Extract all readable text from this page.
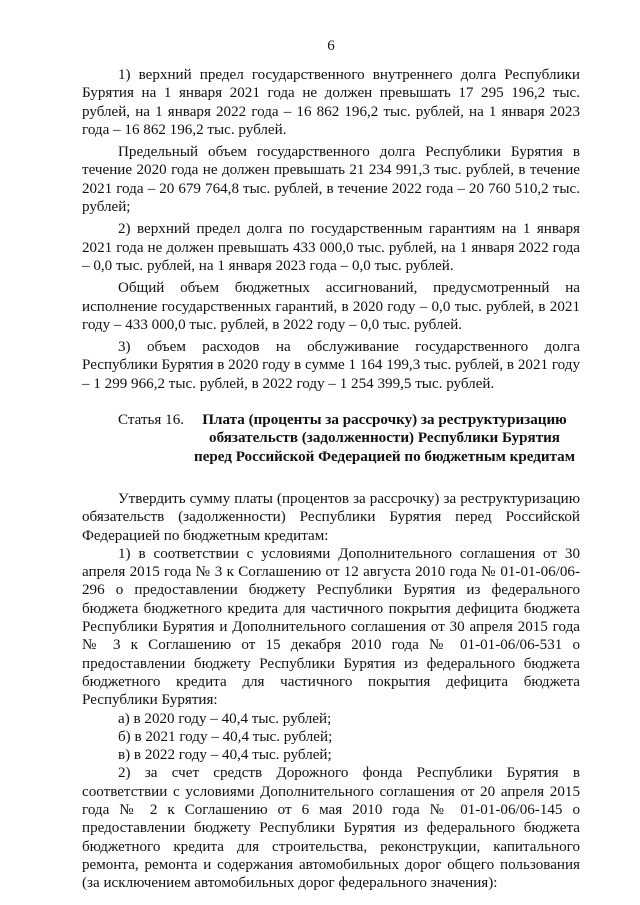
6

1) верхний предел государственного внутреннего долга Республики Бурятия на 1 января 2021 года не должен превышать 17 295 196,2 тыс. рублей, на 1 января 2022 года – 16 862 196,2 тыс. рублей, на 1 января 2023 года – 16 862 196,2 тыс. рублей.

Предельный объем государственного долга Республики Бурятия в течение 2020 года не должен превышать 21 234 991,3 тыс. рублей, в течение 2021 года – 20 679 764,8 тыс. рублей, в течение 2022 года – 20 760 510,2 тыс. рублей;

2) верхний предел долга по государственным гарантиям на 1 января 2021 года не должен превышать 433 000,0 тыс. рублей, на 1 января 2022 года – 0,0 тыс. рублей, на 1 января 2023 года – 0,0 тыс. рублей.

Общий объем бюджетных ассигнований, предусмотренный на исполнение государственных гарантий, в 2020 году – 0,0 тыс. рублей, в 2021 году – 433 000,0 тыс. рублей, в 2022 году – 0,0 тыс. рублей.

3) объем расходов на обслуживание государственного долга Республики Бурятия в 2020 году в сумме 1 164 199,3 тыс. рублей, в 2021 году – 1 299 966,2 тыс. рублей, в 2022 году – 1 254 399,5 тыс. рублей.

Статья 16.	Плата (проценты за рассрочку) за реструктуризацию обязательств (задолженности) Республики Бурятия перед Российской Федерацией по бюджетным кредитам

Утвердить сумму платы (процентов за рассрочку) за реструктуризацию обязательств (задолженности) Республики Бурятия перед Российской Федерацией по бюджетным кредитам:

1) в соответствии с условиями Дополнительного соглашения от 30 апреля 2015 года № 3 к Соглашению от 12 августа 2010 года № 01-01-06/06-296 о предоставлении бюджету Республики Бурятия из федерального бюджета бюджетного кредита для частичного покрытия дефицита бюджета Республики Бурятия и Дополнительного соглашения от 30 апреля 2015 года № 3 к Соглашению от 15 декабря 2010 года № 01-01-06/06-531 о предоставлении бюджету Республики Бурятия из федерального бюджета бюджетного кредита для частичного покрытия дефицита бюджета Республики Бурятия:

а) в 2020 году – 40,4 тыс. рублей;

б) в 2021 году – 40,4 тыс. рублей;

в) в 2022 году – 40,4 тыс. рублей;

2) за счет средств Дорожного фонда Республики Бурятия в соответствии с условиями Дополнительного соглашения от 20 апреля 2015 года № 2 к Соглашению от 6 мая 2010 года № 01-01-06/06-145 о предоставлении бюджету Республики Бурятия из федерального бюджета бюджетного кредита для строительства, реконструкции, капитального ремонта, ремонта и содержания автомобильных дорог общего пользования (за исключением автомобильных дорог федерального значения):
